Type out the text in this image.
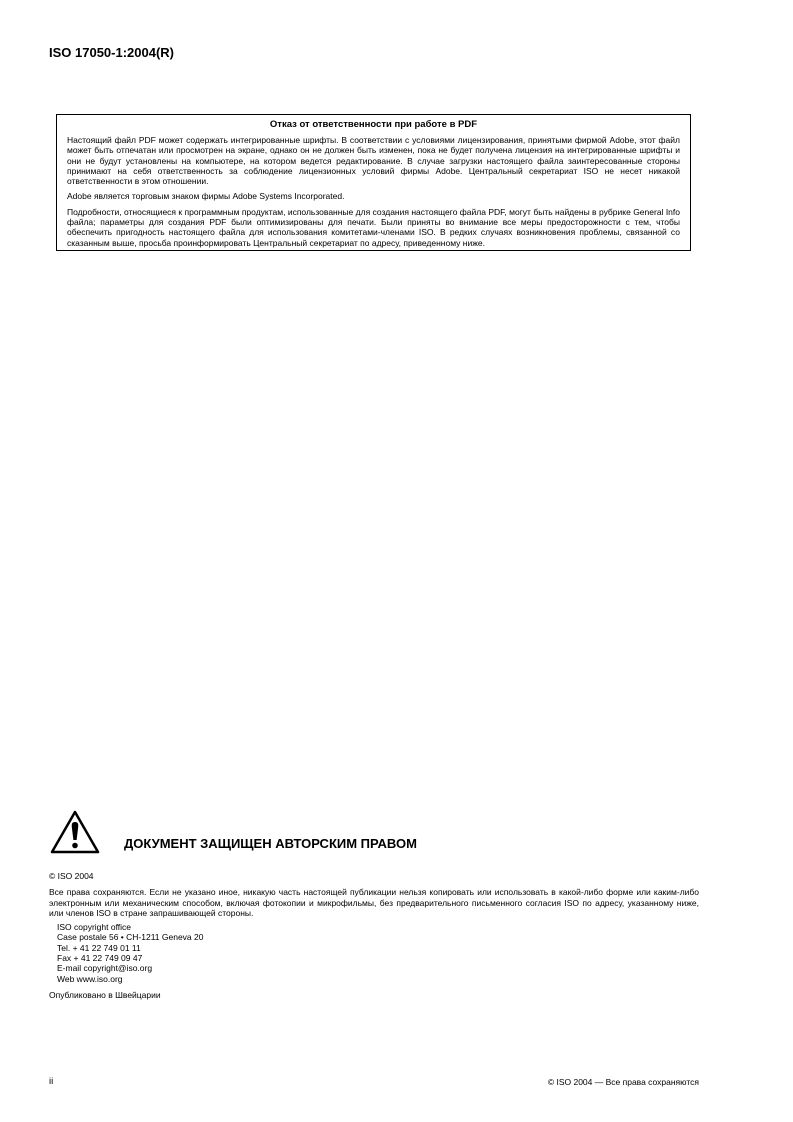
ISO 17050-1:2004(R)
Отказ от ответственности при работе в PDF

Настоящий файл PDF может содержать интегрированные шрифты. В соответствии с условиями лицензирования, принятыми фирмой Adobe, этот файл может быть отпечатан или просмотрен на экране, однако он не должен быть изменен, пока не будет получена лицензия на интегрированные шрифты и они не будут установлены на компьютере, на котором ведется редактирование. В случае загрузки настоящего файла заинтересованные стороны принимают на себя ответственность за соблюдение лицензионных условий фирмы Adobe. Центральный секретариат ISO не несет никакой ответственности в этом отношении.

Adobe является торговым знаком фирмы Adobe Systems Incorporated.

Подробности, относящиеся к программным продуктам, использованные для создания настоящего файла PDF, могут быть найдены в рубрике General Info файла; параметры для создания PDF были оптимизированы для печати. Были приняты во внимание все меры предосторожности с тем, чтобы обеспечить пригодность настоящего файла для использования комитетами-членами ISO. В редких случаях возникновения проблемы, связанной со сказанным выше, просьба проинформировать Центральный секретариат по адресу, приведенному ниже.

ДОКУМЕНТ ЗАЩИЩЕН АВТОРСКИМ ПРАВОМ

© ISO 2004

Все права сохраняются. Если не указано иное, никакую часть настоящей публикации нельзя копировать или использовать в какой-либо форме или каким-либо электронным или механическим способом, включая фотокопии и микрофильмы, без предварительного письменного согласия ISO по адресу, указанному ниже, или членов ISO в стране запрашивающей стороны.

ISO copyright office
Case postale 56 • CH-1211 Geneva 20
Tel. + 41 22 749 01 11
Fax + 41 22 749 09 47
E-mail copyright@iso.org
Web www.iso.org

Опубликовано в Швейцарии

ii	© ISO 2004 — Все права сохраняются
